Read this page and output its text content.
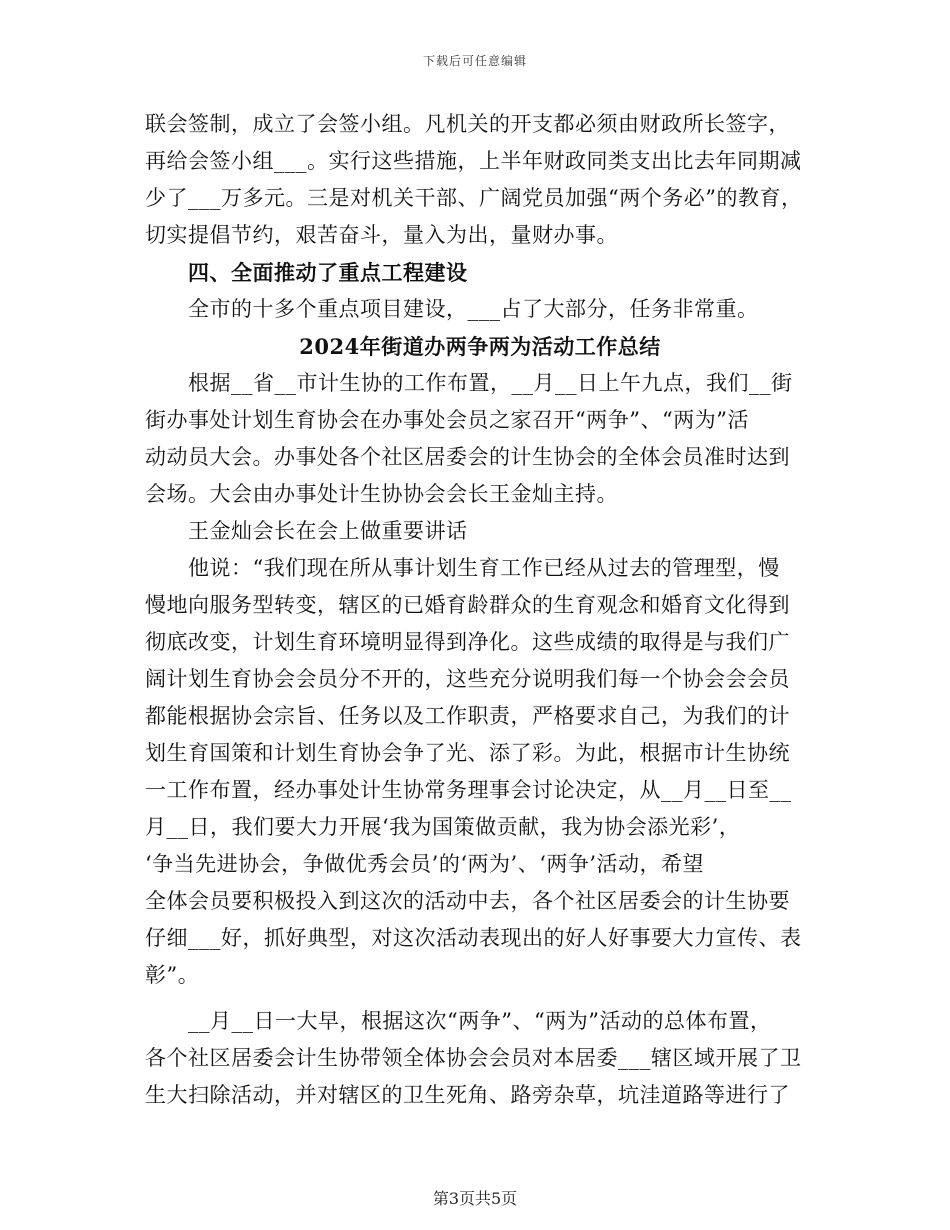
下载后可任意编辑
联会签制，成立了会签小组。凡机关的开支都必须由财政所长签字，
再给会签小组___。实行这些措施，上半年财政同类支出比去年同期减
少了___万多元。三是对机关干部、广阔党员加强“两个务必”的教育，
切实提倡节约，艰苦奋斗，量入为出，量财办事。
四、全面推动了重点工程建设
全市的十多个重点项目建设，___占了大部分，任务非常重。
2024年街道办两争两为活动工作总结
根据__省__市计生协的工作布置，__月__日上午九点，我们__街
街办事处计划生育协会在办事处会员之家召开“两争”、“两为”活
动动员大会。办事处各个社区居委会的计生协会的全体会员准时达到
会场。大会由办事处计生协协会会长王金灿主持。
王金灿会长在会上做重要讲话
他说：“我们现在所从事计划生育工作已经从过去的管理型，慢
慢地向服务型转变，辖区的已婚育龄群众的生育观念和婚育文化得到
彻底改变，计划生育环境明显得到净化。这些成绩的取得是与我们广
阔计划生育协会会员分不开的，这些充分说明我们每一个协会会会员
都能根据协会宗旨、任务以及工作职责，严格要求自己，为我们的计
划生育国策和计划生育协会争了光、添了彩。为此，根据市计生协统
一工作布置，经办事处计生协常务理事会讨论决定，从__月__日至__
月__日，我们要大力开展‘我为国策做贡献，我为协会添光彩’，
‘争当先进协会，争做优秀会员’的‘两为’、‘两争’活动，希望
全体会员要积极投入到这次的活动中去，各个社区居委会的计生协要
仔细___好，抓好典型，对这次活动表现出的好人好事要大力宣传、表
彰”。
__月__日一大早，根据这次“两争”、“两为”活动的总体布置，
各个社区居委会计生协带领全体协会会员对本居委___辖区域开展了卫
生大扫除活动，并对辖区的卫生死角、路旁杂草，坑洼道路等进行了
第3页共5页
